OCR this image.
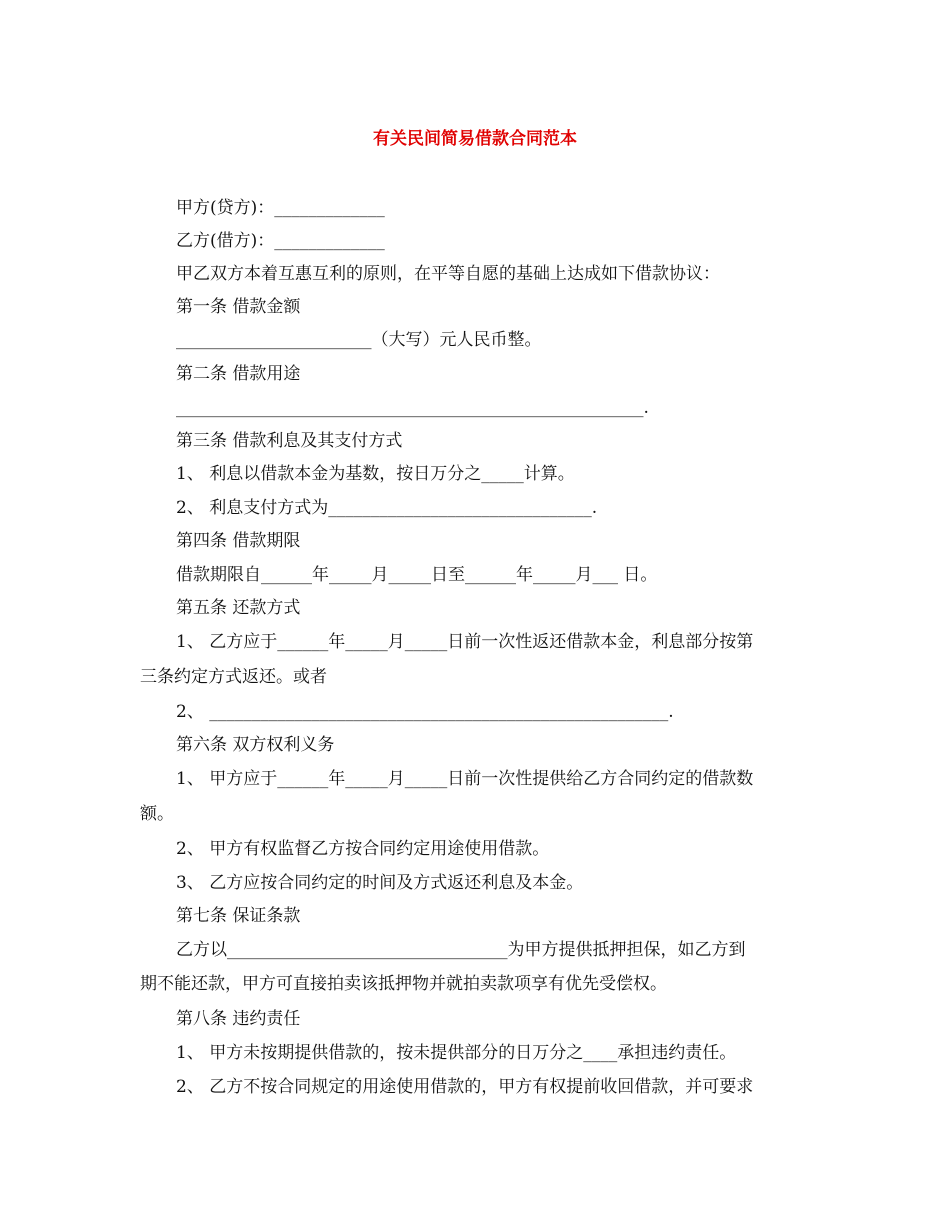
有关民间简易借款合同范本
甲方(贷方)：_____________
乙方(借方)：_____________
甲乙双方本着互惠互利的原则，在平等自愿的基础上达成如下借款协议：
第一条 借款金额
_______________________（大写）元人民币整。
第二条 借款用途
_______________________________________________________.
第三条 借款利息及其支付方式
1、 利息以借款本金为基数，按日万分之_____计算。
2、 利息支付方式为_______________________________.
第四条 借款期限
借款期限自______年_____月_____日至______年_____月___ 日。
第五条 还款方式
1、 乙方应于______年_____月_____日前一次性返还借款本金，利息部分按第
三条约定方式返还。或者
2、 ______________________________________________________.
第六条 双方权利义务
1、 甲方应于______年_____月_____日前一次性提供给乙方合同约定的借款数
额。
2、 甲方有权监督乙方按合同约定用途使用借款。
3、 乙方应按合同约定的时间及方式返还利息及本金。
第七条 保证条款
乙方以_________________________________为甲方提供抵押担保，如乙方到
期不能还款，甲方可直接拍卖该抵押物并就拍卖款项享有优先受偿权。
第八条 违约责任
1、 甲方未按期提供借款的，按未提供部分的日万分之____承担违约责任。
2、 乙方不按合同规定的用途使用借款的，甲方有权提前收回借款，并可要求
